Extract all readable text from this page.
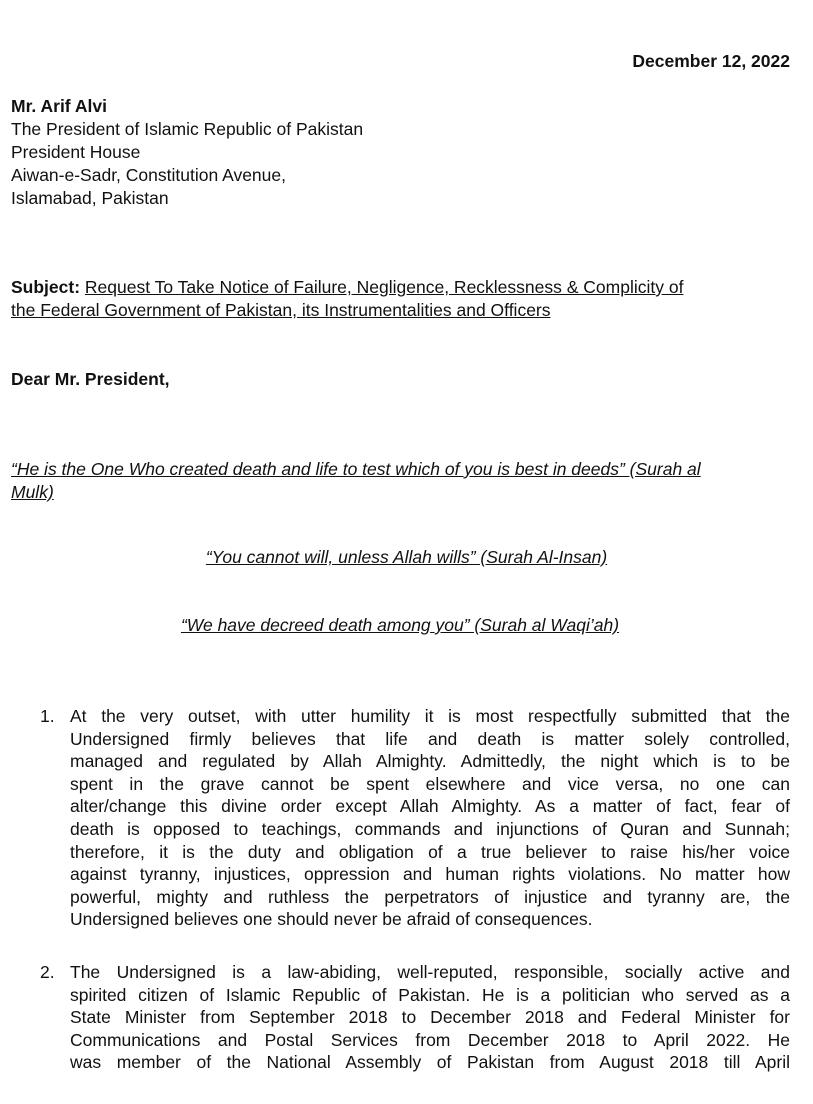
December 12, 2022
Mr. Arif Alvi
The President of Islamic Republic of Pakistan
President House
Aiwan-e-Sadr, Constitution Avenue,
Islamabad, Pakistan
Subject: Request To Take Notice of Failure, Negligence, Recklessness & Complicity of
the Federal Government of Pakistan, its Instrumentalities and Officers
Dear Mr. President,
“He is the One Who created death and life to test which of you is best in deeds” (Surah al
Mulk)
“You cannot will, unless Allah wills” (Surah Al-Insan)
“We have decreed death among you” (Surah al Waqi’ah)
1. At the very outset, with utter humility it is most respectfully submitted that the
Undersigned firmly believes that life and death is matter solely controlled,
managed and regulated by Allah Almighty. Admittedly, the night which is to be
spent in the grave cannot be spent elsewhere and vice versa, no one can
alter/change this divine order except Allah Almighty. As a matter of fact, fear of
death is opposed to teachings, commands and injunctions of Quran and Sunnah;
therefore, it is the duty and obligation of a true believer to raise his/her voice
against tyranny, injustices, oppression and human rights violations. No matter how
powerful, mighty and ruthless the perpetrators of injustice and tyranny are, the
Undersigned believes one should never be afraid of consequences.
2. The Undersigned is a law-abiding, well-reputed, responsible, socially active and
spirited citizen of Islamic Republic of Pakistan. He is a politician who served as a
State Minister from September 2018 to December 2018 and Federal Minister for
Communications and Postal Services from December 2018 to April 2022. He
was member of the National Assembly of Pakistan from August 2018 till April
